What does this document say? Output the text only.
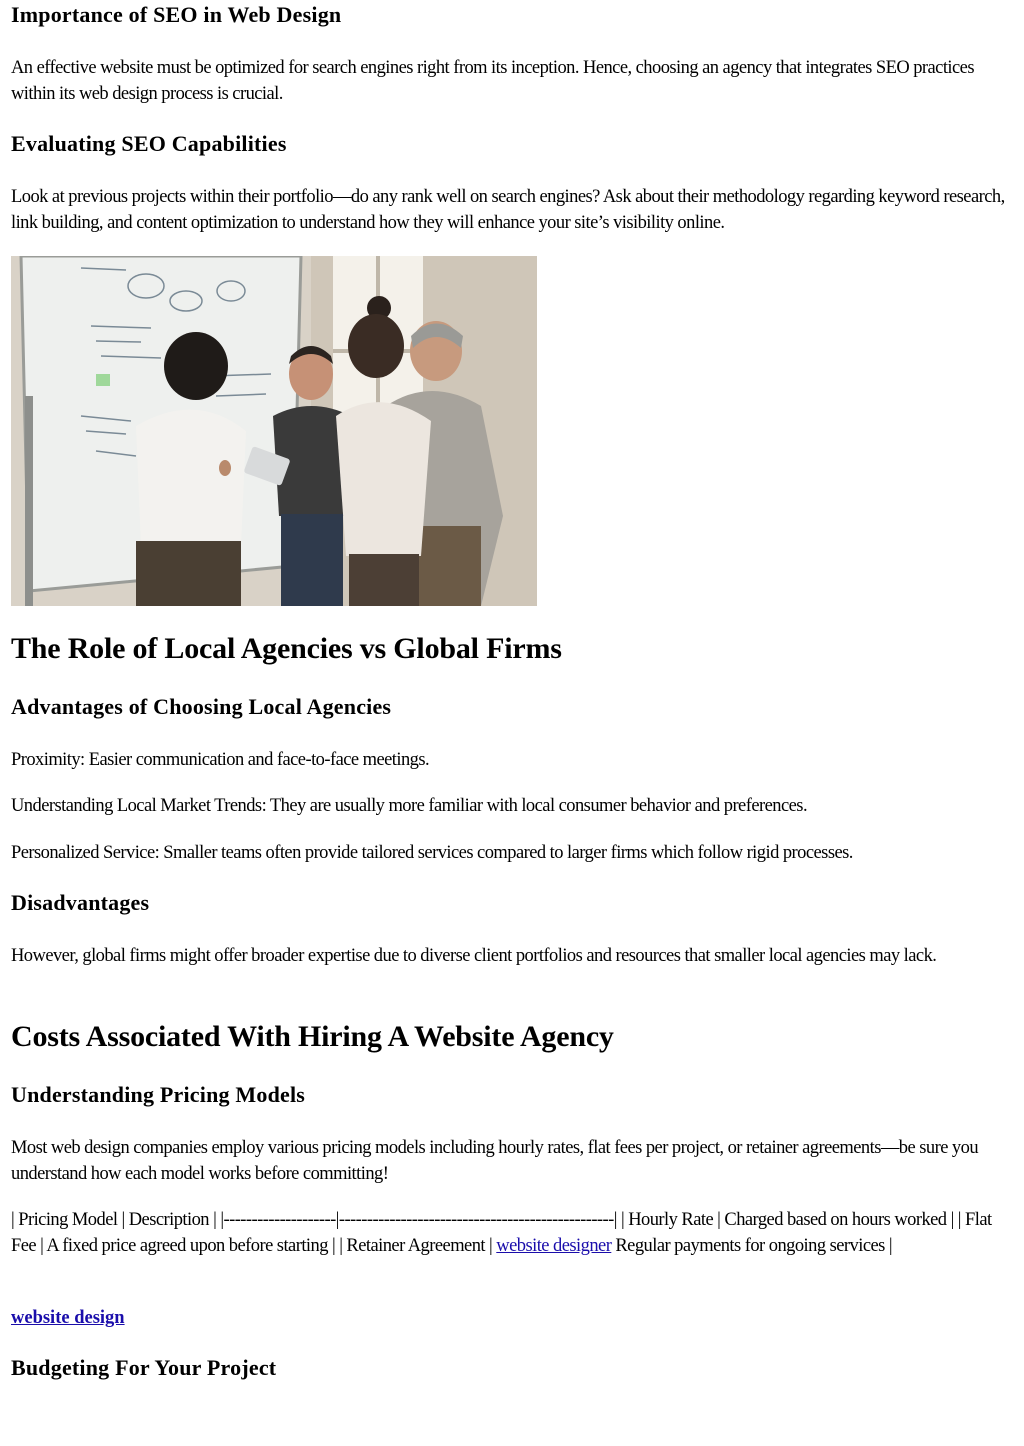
Importance of SEO in Web Design

An effective website must be optimized for search engines right from its inception. Hence, choosing an agency that integrates SEO practices within its web design process is crucial.

Evaluating SEO Capabilities

Look at previous projects within their portfolio—do any rank well on search engines? Ask about their methodology regarding keyword research, link building, and content optimization to understand how they will enhance your site’s visibility online.

The Role of Local Agencies vs Global Firms
Advantages of Choosing Local Agencies

Proximity: Easier communication and face-to-face meetings.

Understanding Local Market Trends: They are usually more familiar with local consumer behavior and preferences.

Personalized Service: Smaller teams often provide tailored services compared to larger firms which follow rigid processes.

Disadvantages

However, global firms might offer broader expertise due to diverse client portfolios and resources that smaller local agencies may lack.

Costs Associated With Hiring A Website Agency
Understanding Pricing Models

Most web design companies employ various pricing models including hourly rates, flat fees per project, or retainer agreements—be sure you understand how each model works before committing!

| Pricing Model | Description | |--------------------|-------------------------------------------------| | Hourly Rate | Charged based on hours worked | | Flat Fee | A fixed price agreed upon before starting | | Retainer Agreement | website designer Regular payments for ongoing services |

website design

Budgeting For Your Project
